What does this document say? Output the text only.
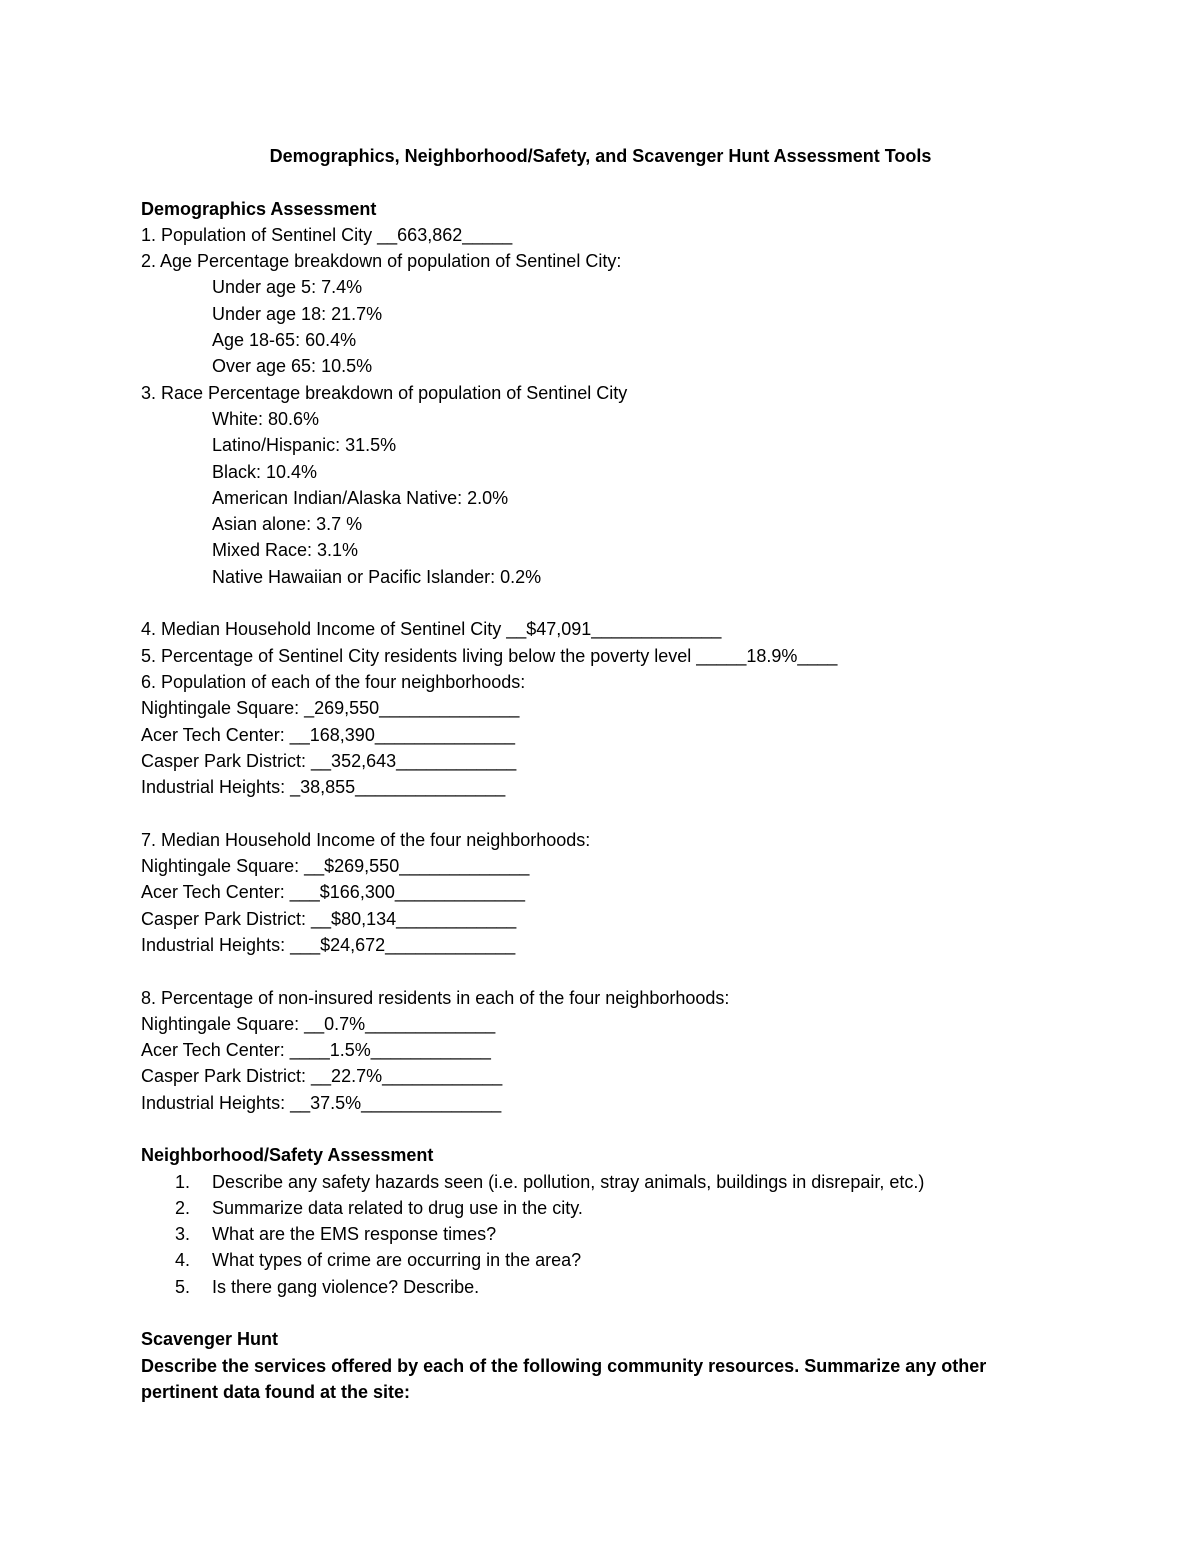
Demographics, Neighborhood/Safety, and Scavenger Hunt Assessment Tools
Demographics Assessment
1. Population of Sentinel City __663,862_____
2. Age Percentage breakdown of population of Sentinel City:
Under age 5: 7.4%
Under age 18: 21.7%
Age 18-65: 60.4%
Over age 65: 10.5%
3. Race Percentage breakdown of population of Sentinel City
White: 80.6%
Latino/Hispanic: 31.5%
Black: 10.4%
American Indian/Alaska Native: 2.0%
Asian alone: 3.7 %
Mixed Race: 3.1%
Native Hawaiian or Pacific Islander: 0.2%
4. Median Household Income of Sentinel City __$47,091_____________
5. Percentage of Sentinel City residents living below the poverty level _____18.9%____
6. Population of each of the four neighborhoods:
Nightingale Square: _269,550______________
Acer Tech Center: __168,390______________
Casper Park District: __352,643____________
Industrial Heights: _38,855_______________
7. Median Household Income of the four neighborhoods:
Nightingale Square: __$269,550_____________
Acer Tech Center: ___$166,300_____________
Casper Park District: __$80,134____________
Industrial Heights: ___$24,672_____________
8. Percentage of non-insured residents in each of the four neighborhoods:
Nightingale Square: __0.7%_____________
Acer Tech Center: ____1.5%____________
Casper Park District: __22.7%____________
Industrial Heights: __37.5%______________
Neighborhood/Safety Assessment
1. Describe any safety hazards seen (i.e. pollution, stray animals, buildings in disrepair, etc.)
2. Summarize data related to drug use in the city.
3. What are the EMS response times?
4. What types of crime are occurring in the area?
5. Is there gang violence? Describe.
Scavenger Hunt
Describe the services offered by each of the following community resources. Summarize any other pertinent data found at the site:
